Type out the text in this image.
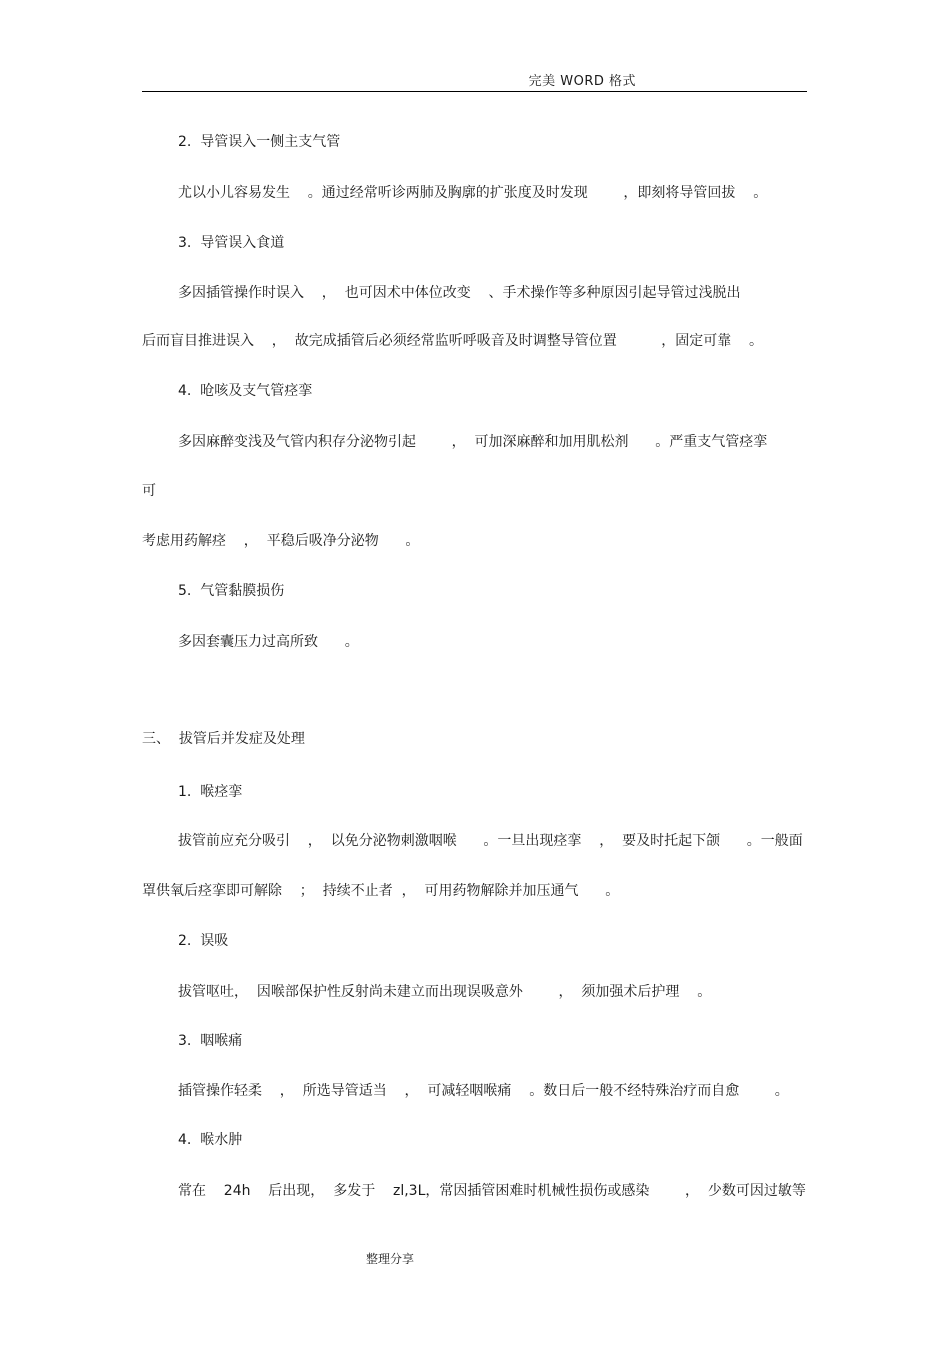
完美 WORD 格式
2.  导管误入一侧主支气管
尤以小儿容易发生    。通过经常听诊两肺及胸廓的扩张度及时发现        ，即刻将导管回拔    。
3.  导管误入食道
多因插管操作时误入    ，  也可因术中体位改变    、手术操作等多种原因引起导管过浅脱出
后而盲目推进误入    ，  故完成插管后必须经常监听呼吸音及时调整导管位置          ，固定可靠    。
4.  呛咳及支气管痉挛
多因麻醉变浅及气管内积存分泌物引起        ，  可加深麻醉和加用肌松剂      。严重支气管痉挛
可
考虑用药解痉    ，  平稳后吸净分泌物      。
5.  气管黏膜损伤
多因套囊压力过高所致      。
三、  拔管后并发症及处理
1.  喉痉挛
拔管前应充分吸引    ，  以免分泌物刺激咽喉      。一旦出现痉挛    ，  要及时托起下颌      。一般面
罩供氧后痉挛即可解除    ；  持续不止者  ，  可用药物解除并加压通气      。
2.  误吸
拔管呕吐，  因喉部保护性反射尚未建立而出现误吸意外        ，  须加强术后护理    。
3.  咽喉痛
插管操作轻柔    ，  所选导管适当    ，  可减轻咽喉痛    。数日后一般不经特殊治疗而自愈        。
4.  喉水肿
常在    24h    后出现，  多发于    zl,3L，常因插管困难时机械性损伤或感染        ，  少数可因过敏等
整理分享
